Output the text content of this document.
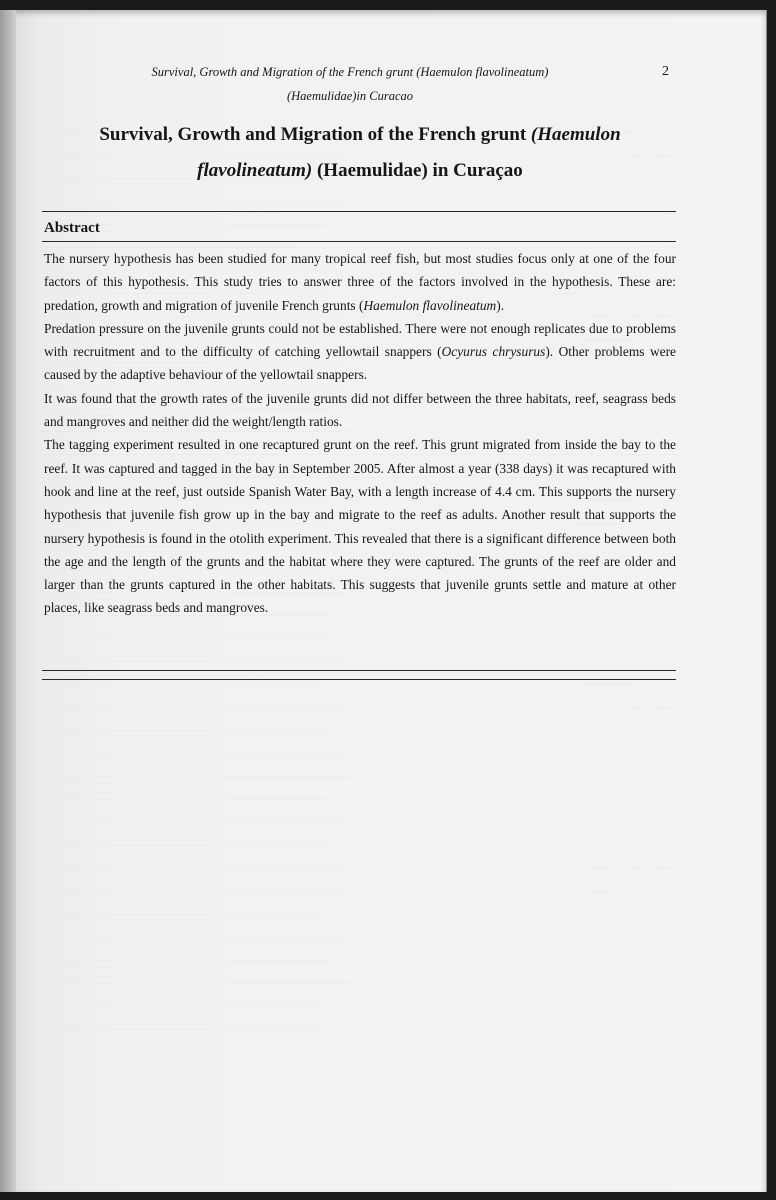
Survival, Growth and Migration of the French grunt (Haemulon flavolineatum)
(Haemulidae)in Curacao
2
Survival, Growth and Migration of the French grunt (Haemulon
flavolineatum) (Haemulidae) in Curaçao
Abstract

The nursery hypothesis has been studied for many tropical reef fish, but most studies focus only at one of the four factors of this hypothesis. This study tries to answer three of the factors involved in the hypothesis. These are: predation, growth and migration of juvenile French grunts (Haemulon flavolineatum).

Predation pressure on the juvenile grunts could not be established. There were not enough replicates due to problems with recruitment and to the difficulty of catching yellowtail snappers (Ocyurus chrysurus). Other problems were caused by the adaptive behaviour of the yellowtail snappers.

It was found that the growth rates of the juvenile grunts did not differ between the three habitats, reef, seagrass beds and mangroves and neither did the weight/length ratios.

The tagging experiment resulted in one recaptured grunt on the reef. This grunt migrated from inside the bay to the reef. It was captured and tagged in the bay in September 2005. After almost a year (338 days) it was recaptured with hook and line at the reef, just outside Spanish Water Bay, with a length increase of 4.4 cm. This supports the nursery hypothesis that juvenile fish grow up in the bay and migrate to the reef as adults. Another result that supports the nursery hypothesis is found in the otolith experiment. This revealed that there is a significant difference between both the age and the length of the grunts and the habitat where they were captured. The grunts of the reef are older and larger than the grunts captured in the other habitats. This suggests that juvenile grunts settle and mature at other places, like seagrass beds and mangroves.
